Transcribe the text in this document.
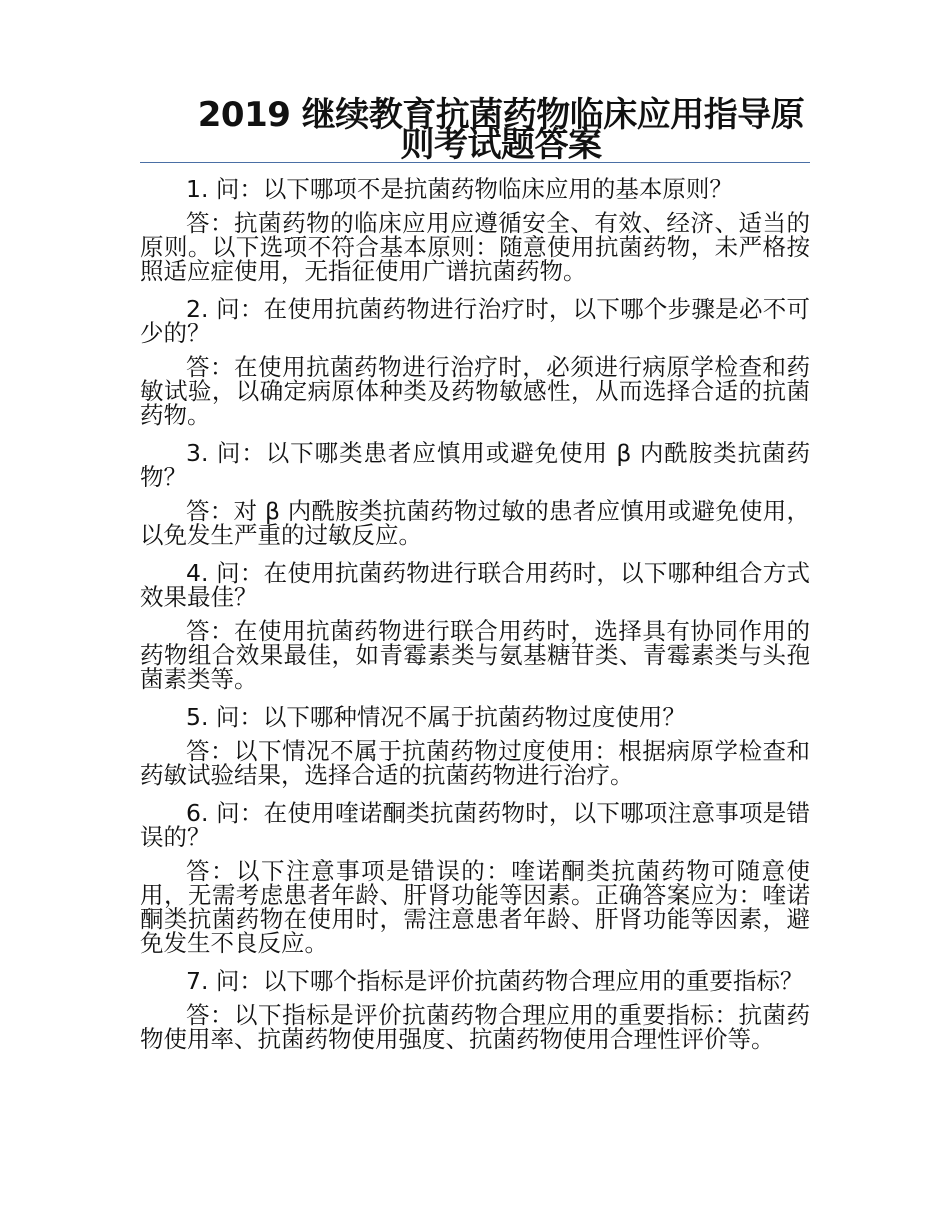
2019 继续教育抗菌药物临床应用指导原则考试题答案

1. 问：以下哪项不是抗菌药物临床应用的基本原则？

答：抗菌药物的临床应用应遵循安全、有效、经济、适当的原则。以下选项不符合基本原则：随意使用抗菌药物，未严格按照适应症使用，无指征使用广谱抗菌药物。

2. 问：在使用抗菌药物进行治疗时，以下哪个步骤是必不可少的？

答：在使用抗菌药物进行治疗时，必须进行病原学检查和药敏试验，以确定病原体种类及药物敏感性，从而选择合适的抗菌药物。

3. 问：以下哪类患者应慎用或避免使用 β 内酰胺类抗菌药物？

答：对 β 内酰胺类抗菌药物过敏的患者应慎用或避免使用，以免发生严重的过敏反应。

4. 问：在使用抗菌药物进行联合用药时，以下哪种组合方式效果最佳？

答：在使用抗菌药物进行联合用药时，选择具有协同作用的药物组合效果最佳，如青霉素类与氨基糖苷类、青霉素类与头孢菌素类等。

5. 问：以下哪种情况不属于抗菌药物过度使用？

答：以下情况不属于抗菌药物过度使用：根据病原学检查和药敏试验结果，选择合适的抗菌药物进行治疗。

6. 问：在使用喹诺酮类抗菌药物时，以下哪项注意事项是错误的？

答：以下注意事项是错误的：喹诺酮类抗菌药物可随意使用，无需考虑患者年龄、肝肾功能等因素。正确答案应为：喹诺酮类抗菌药物在使用时，需注意患者年龄、肝肾功能等因素，避免发生不良反应。

7. 问：以下哪个指标是评价抗菌药物合理应用的重要指标？

答：以下指标是评价抗菌药物合理应用的重要指标：抗菌药物使用率、抗菌药物使用强度、抗菌药物使用合理性评价等。
